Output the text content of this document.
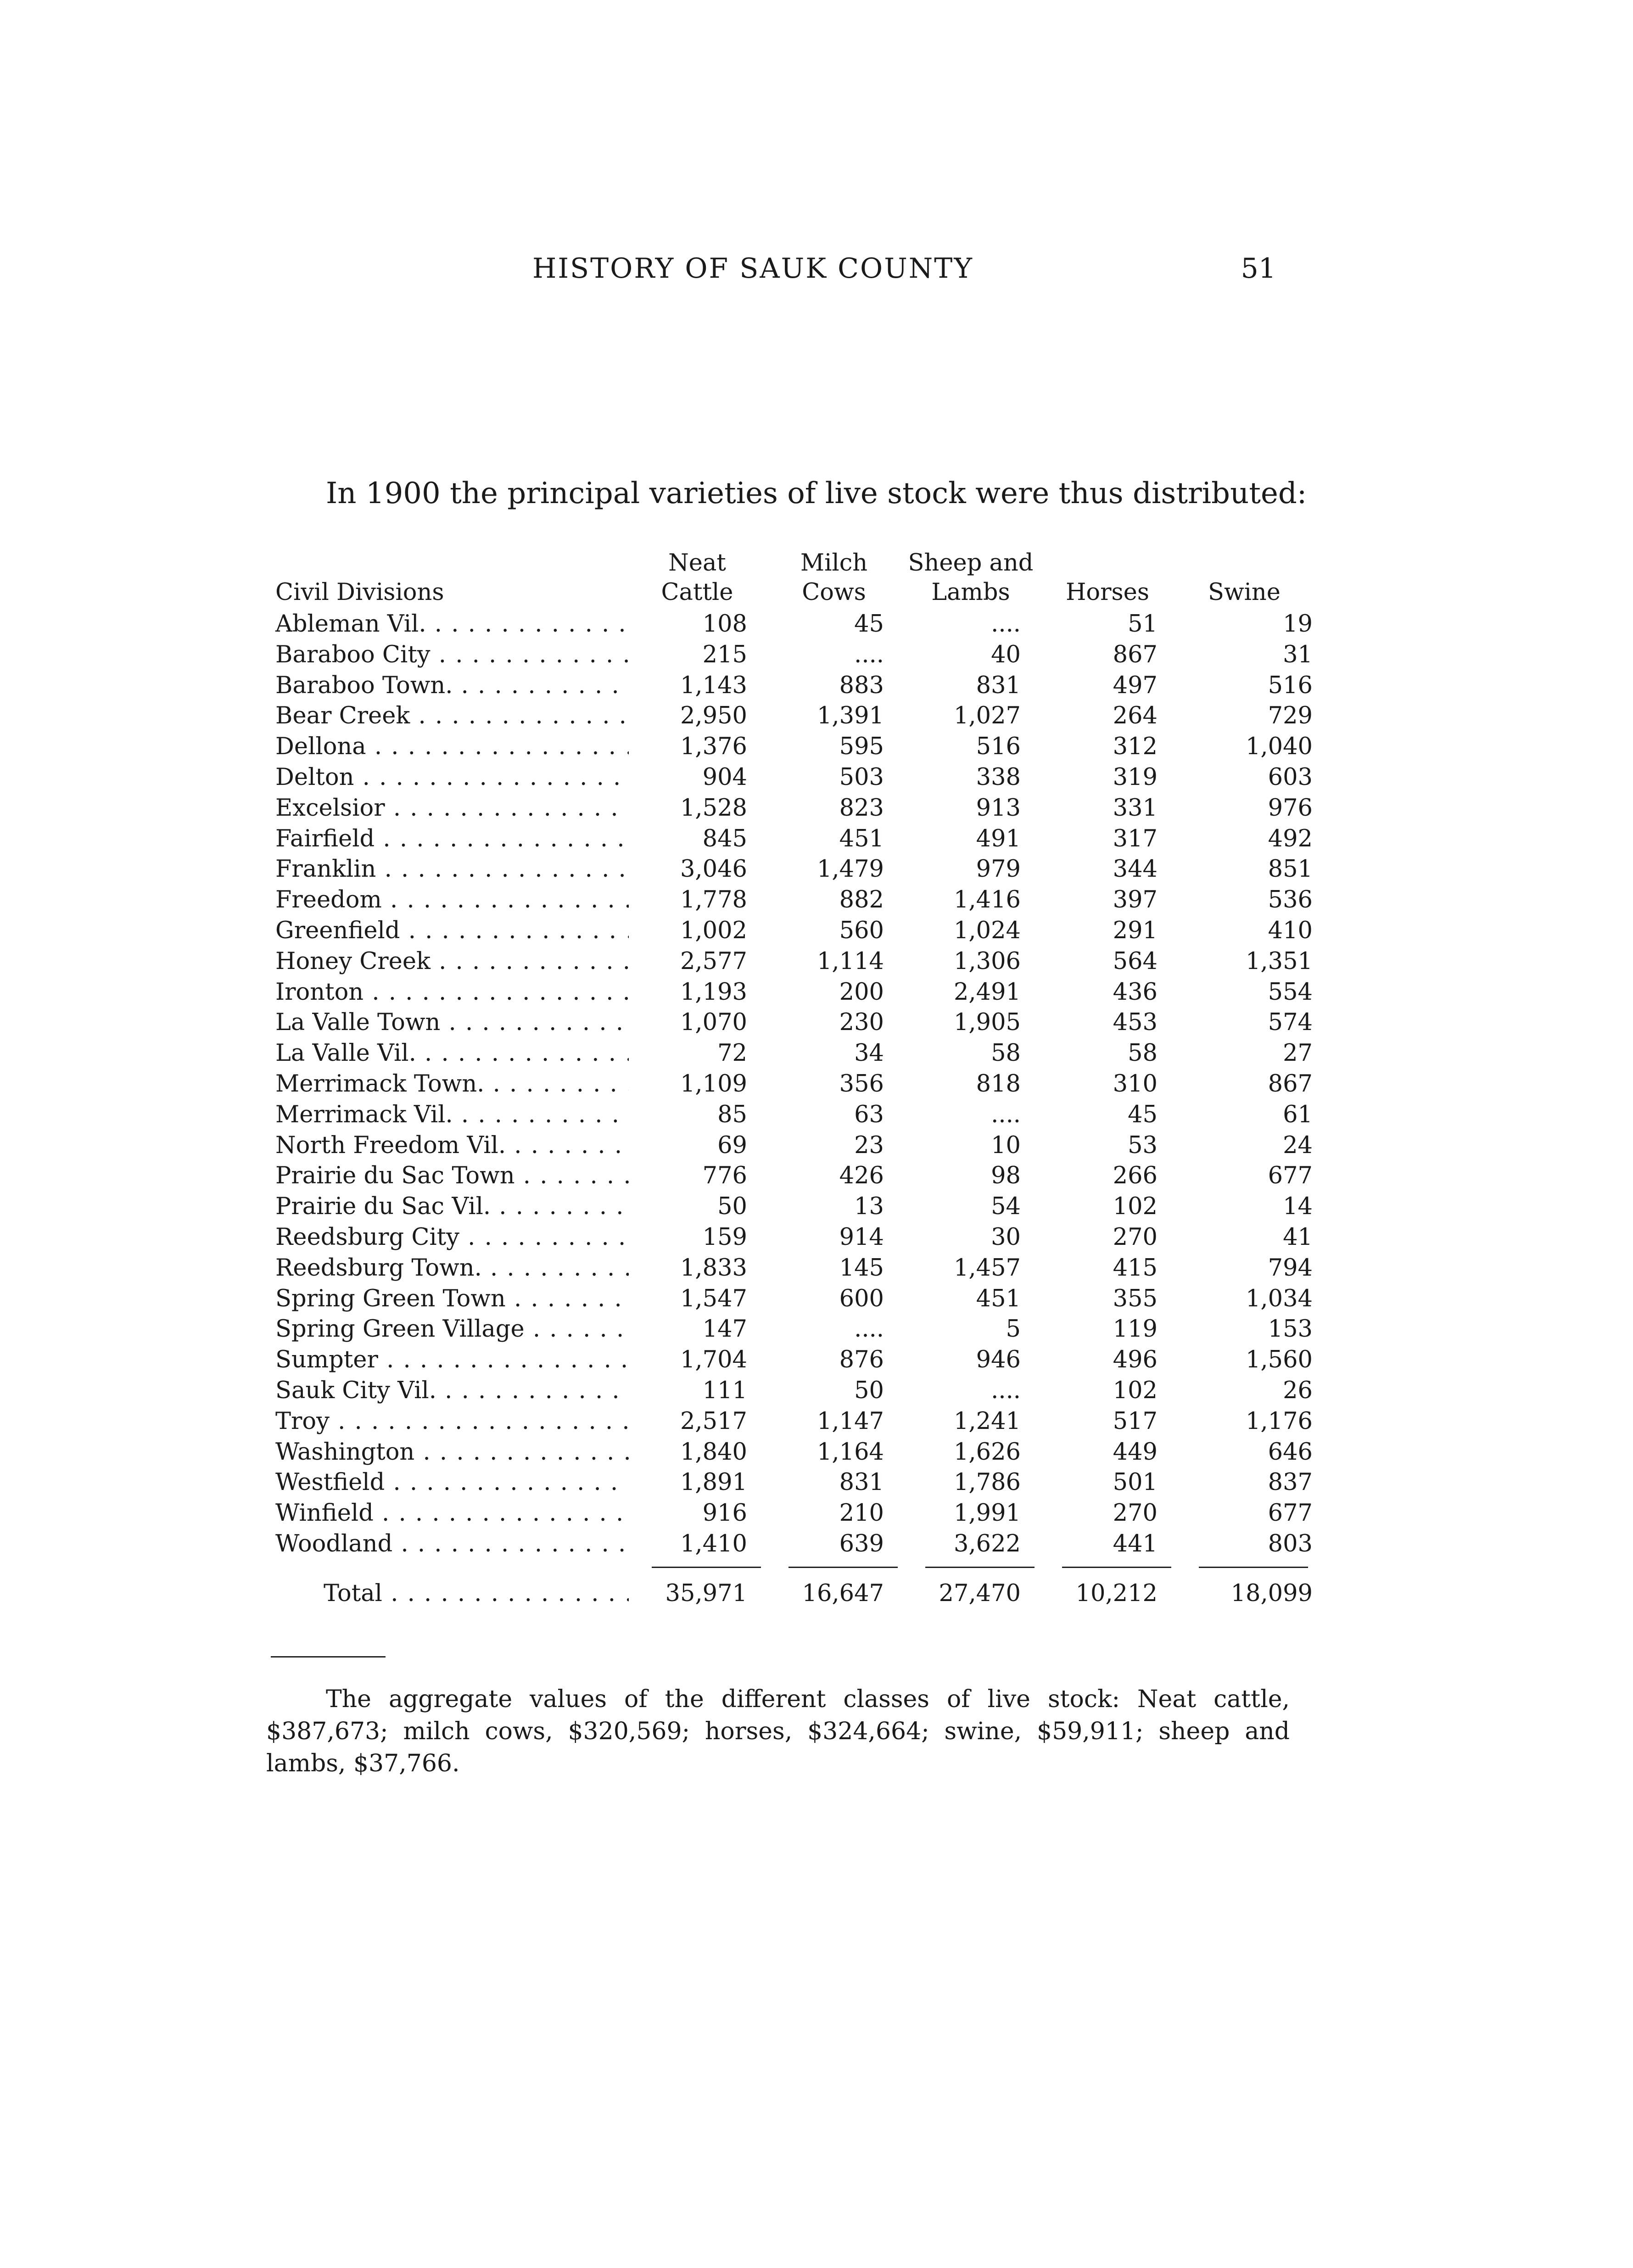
HISTORY OF SAUK COUNTY	51
In 1900 the principal varieties of live stock were thus distributed:
Civil Divisions	Neat Cattle	Milch Cows	Sheep and Lambs	Horses	Swine
Ableman Vil. . . .	108	45	....	51	19
Baraboo City . . .	215	....	40	867	31
Baraboo Town. . . .	1,143	883	831	497	516
Bear Creek . . .	2,950	1,391	1,027	264	729
Dellona . . .	1,376	595	516	312	1,040
Delton . . .	904	503	338	319	603
Excelsior . . .	1,528	823	913	331	976
Fairfield . . .	845	451	491	317	492
Franklin . . .	3,046	1,479	979	344	851
Freedom . . .	1,778	882	1,416	397	536
Greenfield . . .	1,002	560	1,024	291	410
Honey Creek . . .	2,577	1,114	1,306	564	1,351
Ironton . . .	1,193	200	2,491	436	554
La Valle Town . . .	1,070	230	1,905	453	574
La Valle Vil. . . .	72	34	58	58	27
Merrimack Town. . . .	1,109	356	818	310	867
Merrimack Vil. . . .	85	63	....	45	61
North Freedom Vil. . . .	69	23	10	53	24
Prairie du Sac Town . . .	776	426	98	266	677
Prairie du Sac Vil. . . .	50	13	54	102	14
Reedsburg City . . .	159	914	30	270	41
Reedsburg Town. . . .	1,833	145	1,457	415	794
Spring Green Town . . .	1,547	600	451	355	1,034
Spring Green Village . . .	147	....	5	119	153
Sumpter . . .	1,704	876	946	496	1,560
Sauk City Vil. . . .	111	50	....	102	26
Troy . . .	2,517	1,147	1,241	517	1,176
Washington . . .	1,840	1,164	1,626	449	646
Westfield . . .	1,891	831	1,786	501	837
Winfield . . .	916	210	1,991	270	677
Woodland . . .	1,410	639	3,622	441	803

Total . . .	35,971	16,647	27,470	10,212	18,099

The aggregate values of the different classes of live stock: Neat cattle, $387,673; milch cows, $320,569; horses, $324,664; swine, $59,911; sheep and lambs, $37,766.
